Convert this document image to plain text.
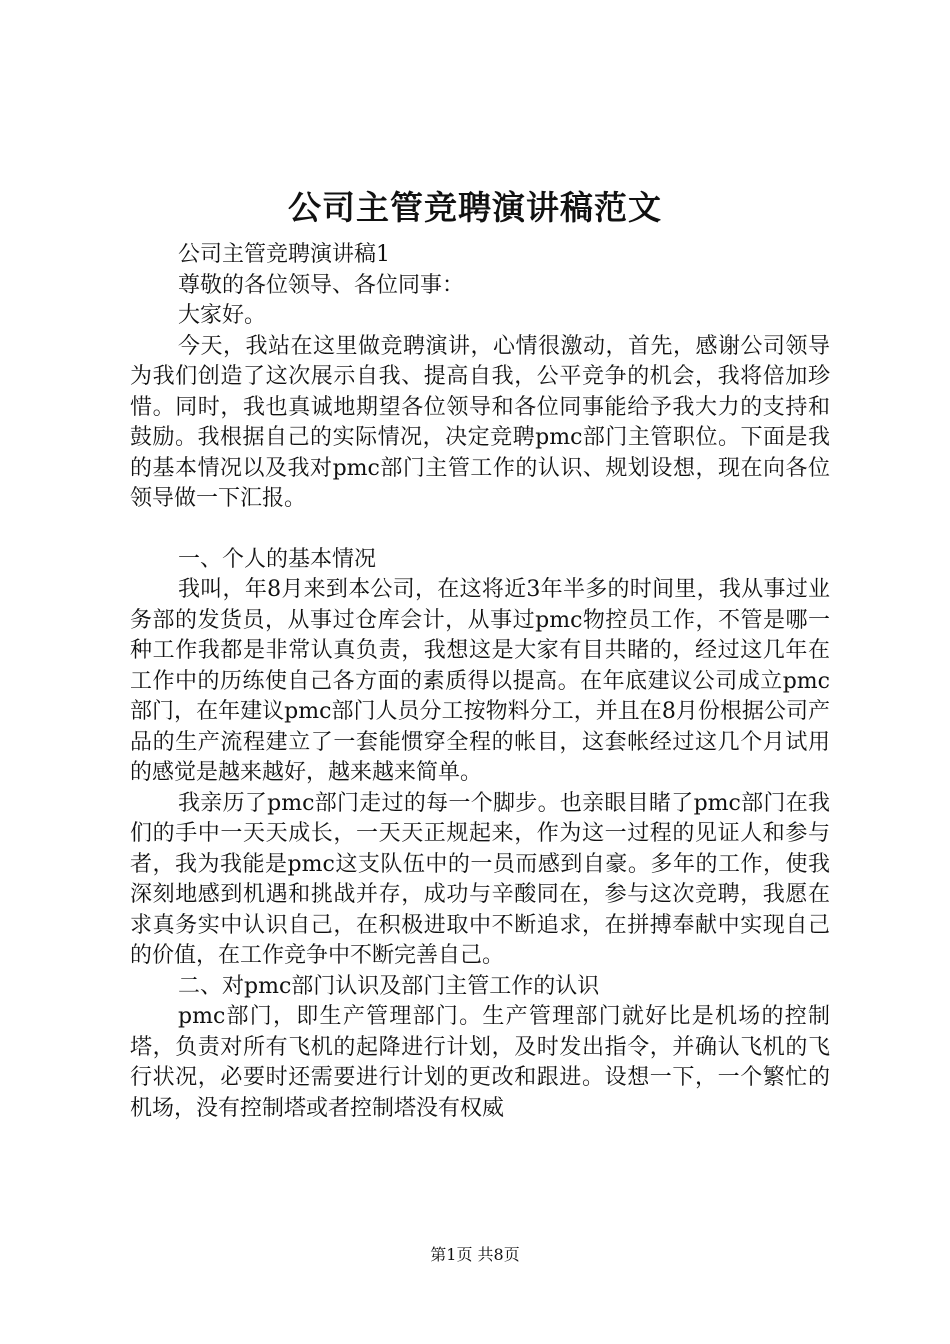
公司主管竞聘演讲稿范文

公司主管竞聘演讲稿1

尊敬的各位领导、各位同事：

大家好。

今天，我站在这里做竞聘演讲，心情很激动，首先，感谢公司领导为我们创造了这次展示自我、提高自我，公平竞争的机会，我将倍加珍惜。同时，我也真诚地期望各位领导和各位同事能给予我大力的支持和鼓励。我根据自己的实际情况，决定竞聘pmc部门主管职位。下面是我的基本情况以及我对pmc部门主管工作的认识、规划设想，现在向各位领导做一下汇报。

一、个人的基本情况

我叫，年8月来到本公司，在这将近3年半多的时间里，我从事过业务部的发货员，从事过仓库会计，从事过pmc物控员工作，不管是哪一种工作我都是非常认真负责，我想这是大家有目共睹的，经过这几年在工作中的历练使自己各方面的素质得以提高。在年底建议公司成立pmc部门，在年建议pmc部门人员分工按物料分工，并且在8月份根据公司产品的生产流程建立了一套能惯穿全程的帐目，这套帐经过这几个月试用的感觉是越来越好，越来越来简单。

我亲历了pmc部门走过的每一个脚步。也亲眼目睹了pmc部门在我们的手中一天天成长，一天天正规起来，作为这一过程的见证人和参与者，我为我能是pmc这支队伍中的一员而感到自豪。多年的工作，使我深刻地感到机遇和挑战并存，成功与辛酸同在，参与这次竞聘，我愿在求真务实中认识自己，在积极进取中不断追求，在拼搏奉献中实现自己的价值，在工作竞争中不断完善自己。

二、对pmc部门认识及部门主管工作的认识

pmc部门，即生产管理部门。生产管理部门就好比是机场的控制塔，负责对所有飞机的起降进行计划，及时发出指令，并确认飞机的飞行状况，必要时还需要进行计划的更改和跟进。设想一下，一个繁忙的机场，没有控制塔或者控制塔没有权威

第1页 共8页
